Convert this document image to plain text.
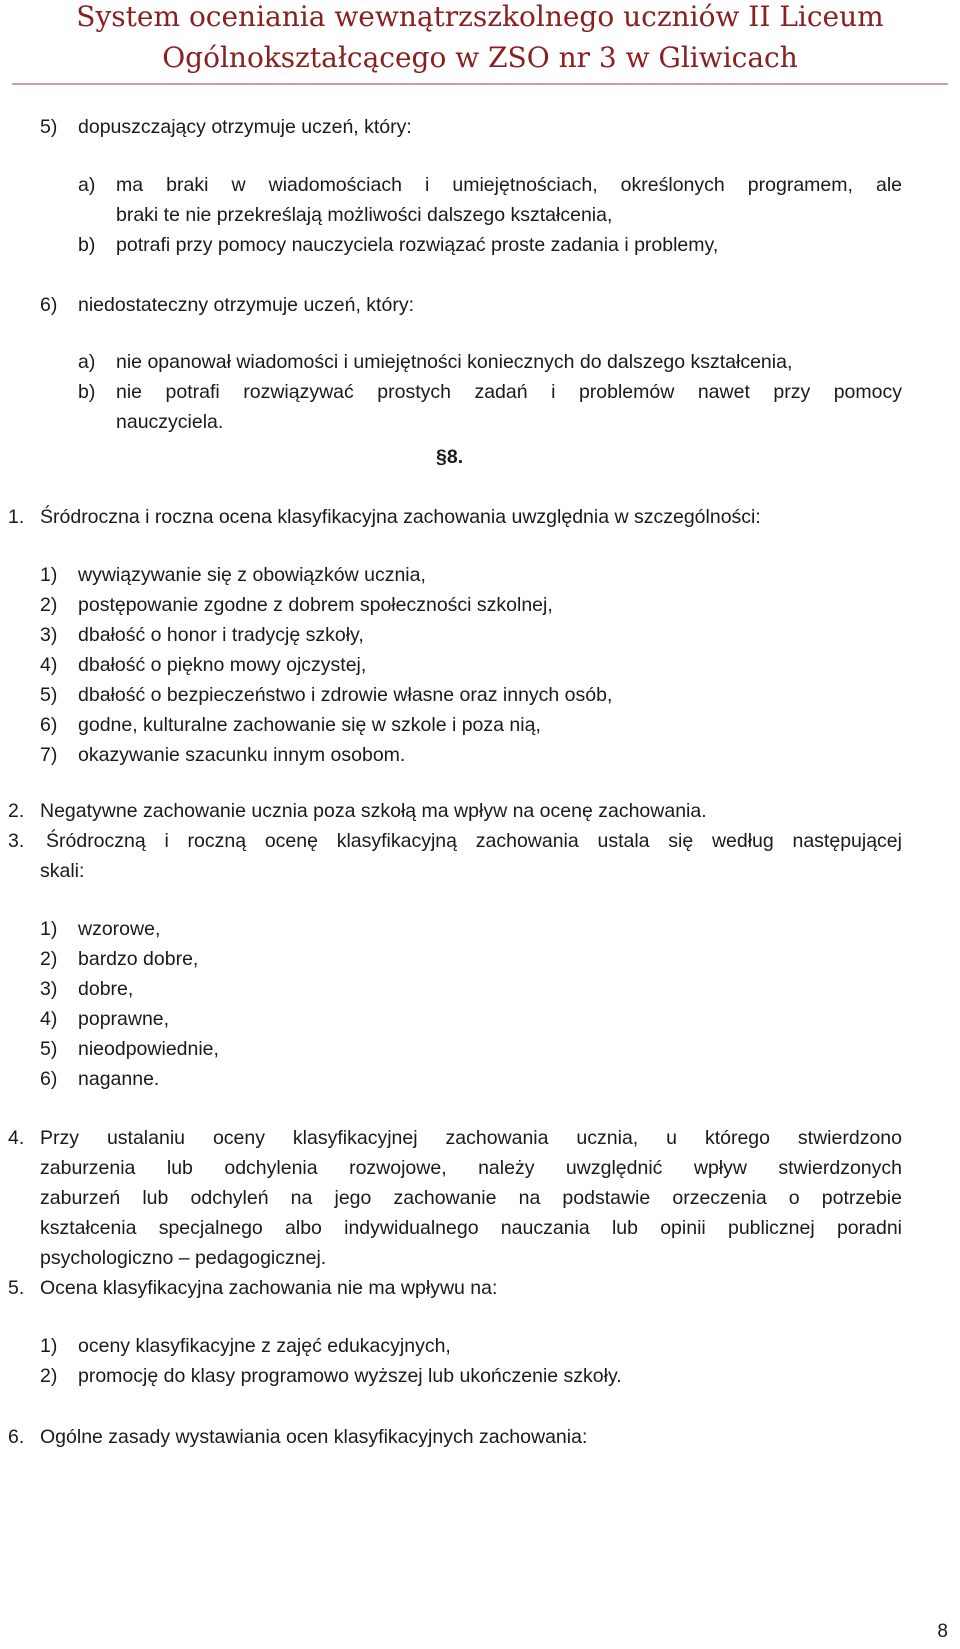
System oceniania wewnątrzszkolnego uczniów II Liceum
Ogólnokształcącego w ZSO nr 3 w Gliwicach
5) dopuszczający otrzymuje uczeń, który:
a) ma braki w wiadomościach i umiejętnościach, określonych programem, ale
braki te nie przekreślają możliwości dalszego kształcenia,
b) potrafi przy pomocy nauczyciela rozwiązać proste zadania i problemy,
6) niedostateczny otrzymuje uczeń, który:
a) nie opanował wiadomości i umiejętności koniecznych do dalszego kształcenia,
b) nie potrafi rozwiązywać prostych zadań i problemów nawet przy pomocy
nauczyciela.
§8.
1. Śródroczna i roczna ocena klasyfikacyjna zachowania uwzględnia w szczególności:
1) wywiązywanie się z obowiązków ucznia,
2) postępowanie zgodne z dobrem społeczności szkolnej,
3) dbałość o honor i tradycję szkoły,
4) dbałość o piękno mowy ojczystej,
5) dbałość o bezpieczeństwo i zdrowie własne oraz innych osób,
6) godne, kulturalne zachowanie się w szkole i poza nią,
7) okazywanie szacunku innym osobom.
2. Negatywne zachowanie ucznia poza szkołą ma wpływ na ocenę zachowania.
3. Śródroczną i roczną ocenę klasyfikacyjną zachowania ustala się według następującej
skali:
1) wzorowe,
2) bardzo dobre,
3) dobre,
4) poprawne,
5) nieodpowiednie,
6) naganne.
4. Przy ustalaniu oceny klasyfikacyjnej zachowania ucznia, u którego stwierdzono
zaburzenia lub odchylenia rozwojowe, należy uwzględnić wpływ stwierdzonych
zaburzeń lub odchyleń na jego zachowanie na podstawie orzeczenia o potrzebie
kształcenia specjalnego albo indywidualnego nauczania lub opinii publicznej poradni
psychologiczno – pedagogicznej.
5. Ocena klasyfikacyjna zachowania nie ma wpływu na:
1) oceny klasyfikacyjne z zajęć edukacyjnych,
2) promocję do klasy programowo wyższej lub ukończenie szkoły.
6. Ogólne zasady wystawiania ocen klasyfikacyjnych zachowania:
8
